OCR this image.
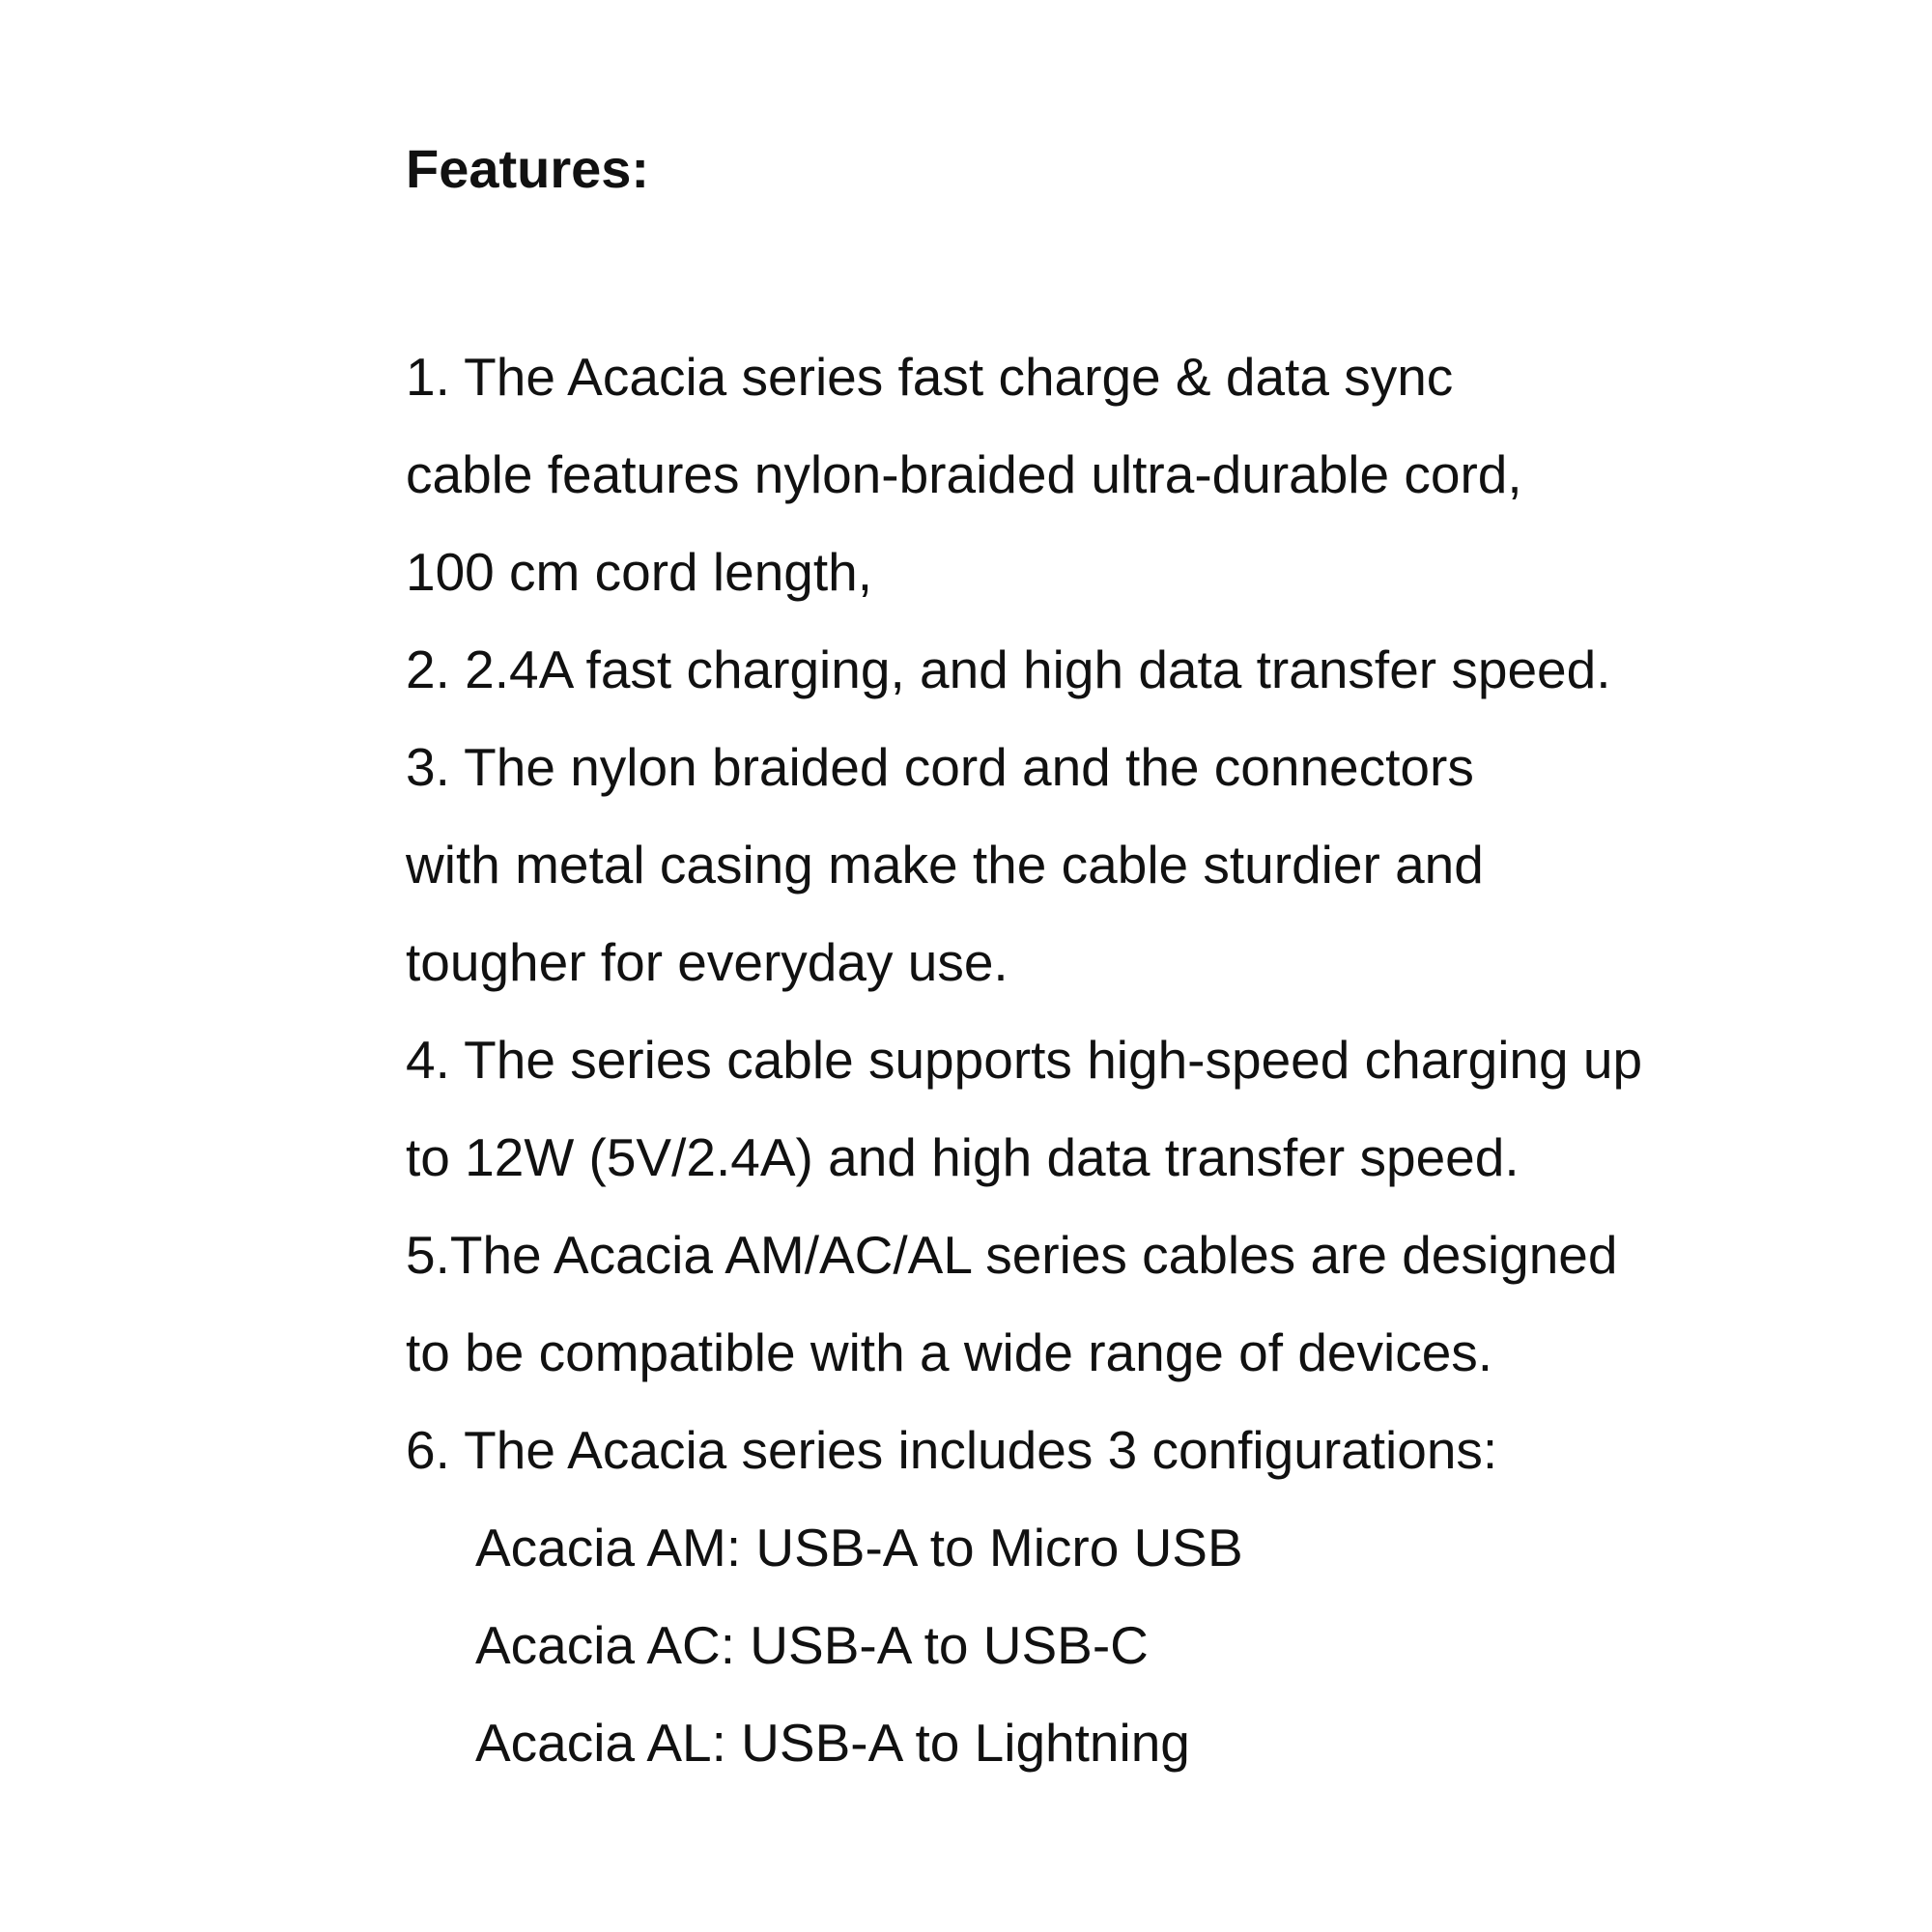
Features:
1. The Acacia series fast charge & data sync
cable features nylon-braided ultra-durable cord,
100 cm cord length,
2. 2.4A fast charging, and high data transfer speed.
3. The nylon braided cord and the connectors
with metal casing make the cable sturdier and
tougher for everyday use.
4. The series cable supports high-speed charging up
to 12W (5V/2.4A) and high data transfer speed.
5.The Acacia AM/AC/AL series cables are designed
to be compatible with a wide range of devices.
6. The Acacia series includes 3 configurations:
Acacia AM: USB-A to Micro USB
Acacia AC: USB-A to USB-C
Acacia AL: USB-A to Lightning
